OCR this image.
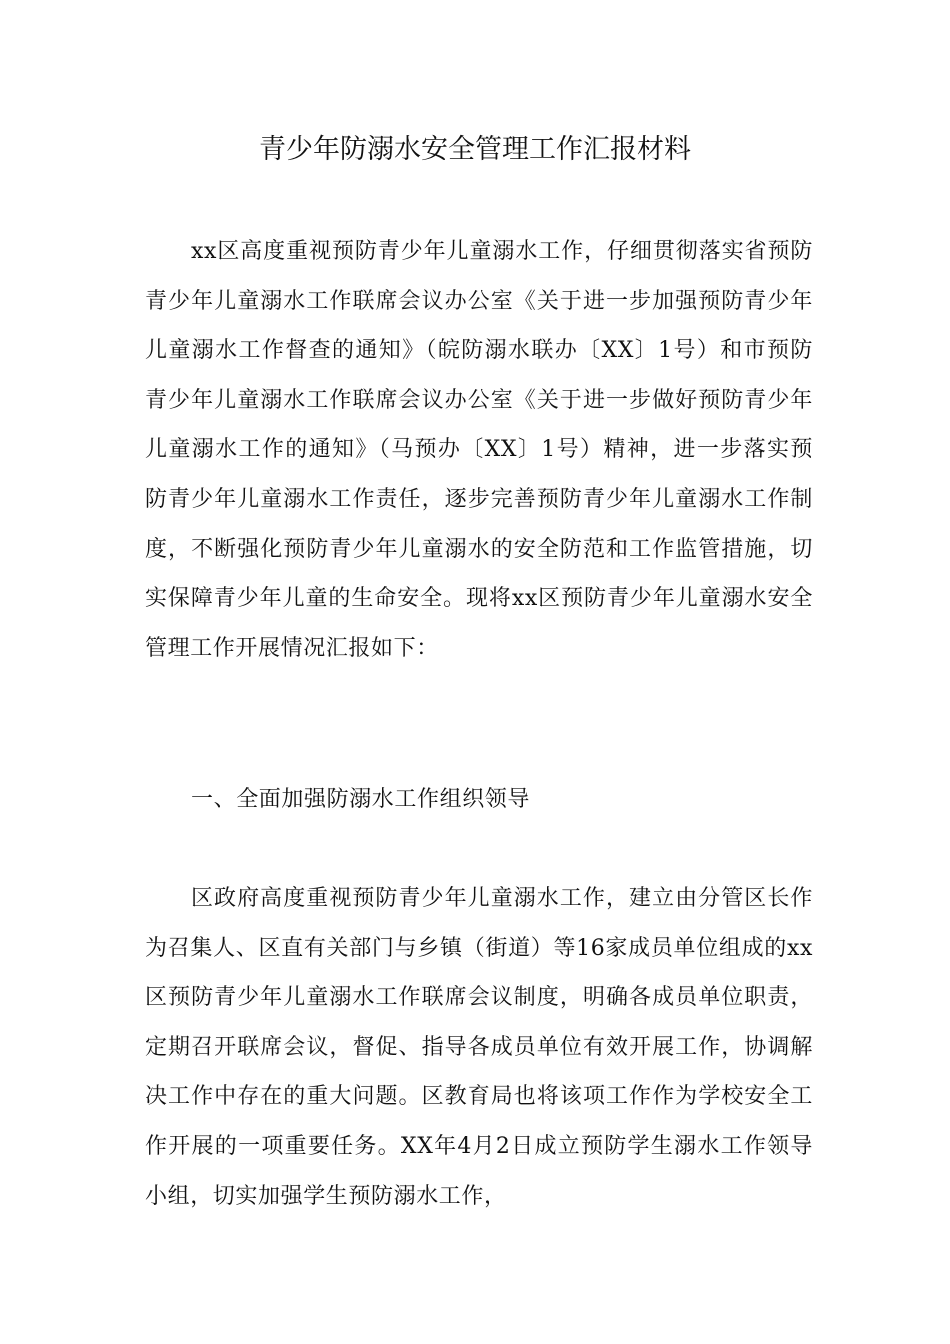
青少年防溺水安全管理工作汇报材料

xx区高度重视预防青少年儿童溺水工作，仔细贯彻落实省预防青少年儿童溺水工作联席会议办公室《关于进一步加强预防青少年儿童溺水工作督查的通知》（皖防溺水联办〔XX〕1号）和市预防青少年儿童溺水工作联席会议办公室《关于进一步做好预防青少年儿童溺水工作的通知》（马预办〔XX〕1号）精神，进一步落实预防青少年儿童溺水工作责任，逐步完善预防青少年儿童溺水工作制度，不断强化预防青少年儿童溺水的安全防范和工作监管措施，切实保障青少年儿童的生命安全。现将xx区预防青少年儿童溺水安全管理工作开展情况汇报如下：

一、全面加强防溺水工作组织领导

区政府高度重视预防青少年儿童溺水工作，建立由分管区长作为召集人、区直有关部门与乡镇（街道）等16家成员单位组成的xx区预防青少年儿童溺水工作联席会议制度，明确各成员单位职责，定期召开联席会议，督促、指导各成员单位有效开展工作，协调解决工作中存在的重大问题。区教育局也将该项工作作为学校安全工作开展的一项重要任务。XX年4月2日成立预防学生溺水工作领导小组，切实加强学生预防溺水工作，
